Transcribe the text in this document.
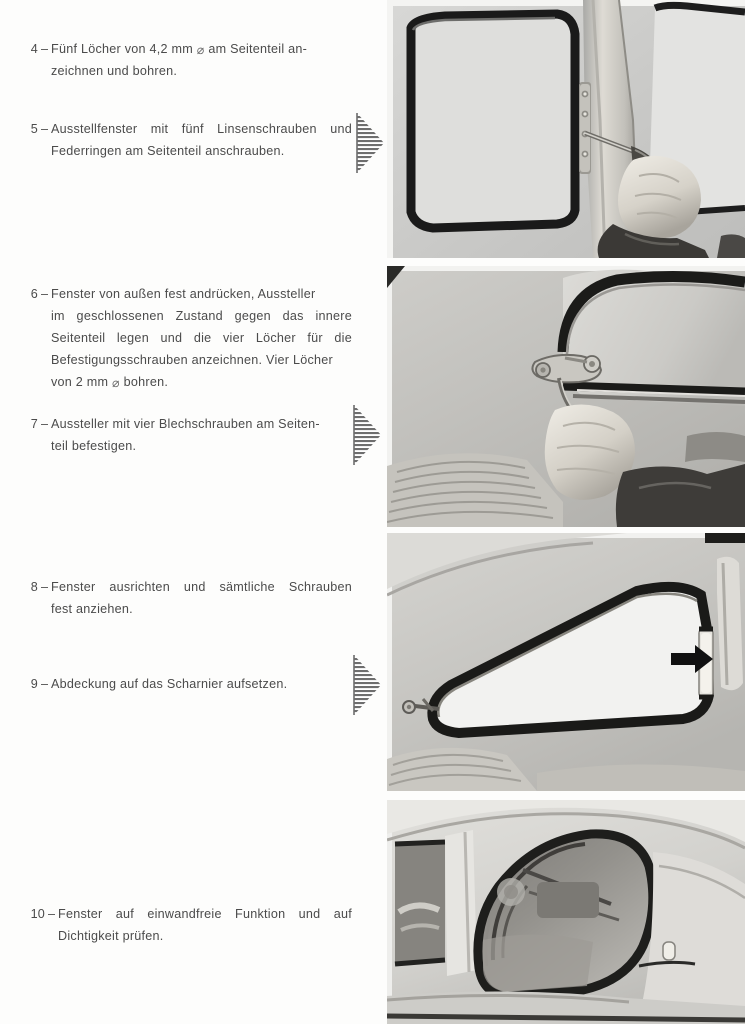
4 – Fünf Löcher von 4,2 mm ⌀ am Seitenteil an-
zeichnen und bohren.
5 – Ausstellfenster mit fünf Linsenschrauben und
Federringen am Seitenteil anschrauben.
6 – Fenster von außen fest andrücken, Aussteller
im geschlossenen Zustand gegen das innere
Seitenteil legen und die vier Löcher für die
Befestigungsschrauben anzeichnen. Vier Löcher
von 2 mm ⌀ bohren.
7 – Aussteller mit vier Blechschrauben am Seiten-
teil befestigen.
8 – Fenster ausrichten und sämtliche Schrauben
fest anziehen.
9 – Abdeckung auf das Scharnier aufsetzen.
10 – Fenster auf einwandfreie Funktion und auf
Dichtigkeit prüfen.
